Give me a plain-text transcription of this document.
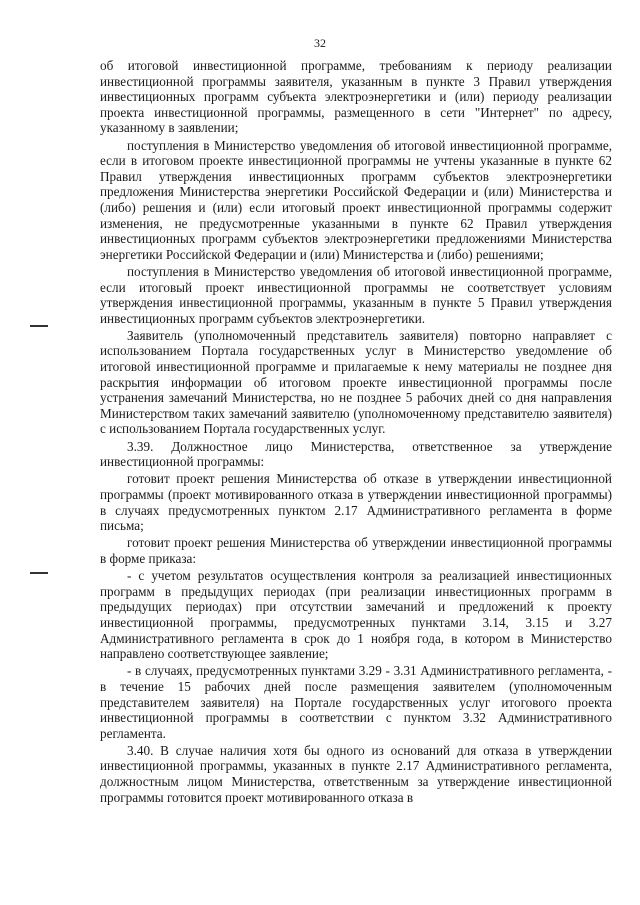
32

об итоговой инвестиционной программе, требованиям к периоду реализации инвестиционной программы заявителя, указанным в пункте 3 Правил утверждения инвестиционных программ субъекта электроэнергетики и (или) периоду реализации проекта инвестиционной программы, размещенного в сети "Интернет" по адресу, указанному в заявлении;

поступления в Министерство уведомления об итоговой инвестиционной программе, если в итоговом проекте инвестиционной программы не учтены указанные в пункте 62 Правил утверждения инвестиционных программ субъектов электроэнергетики предложения Министерства энергетики Российской Федерации и (или) Министерства и (либо) решения и (или) если итоговый проект инвестиционной программы содержит изменения, не предусмотренные указанными в пункте 62 Правил утверждения инвестиционных программ субъектов электроэнергетики предложениями Министерства энергетики Российской Федерации и (или) Министерства и (либо) решениями;

поступления в Министерство уведомления об итоговой инвестиционной программе, если итоговый проект инвестиционной программы не соответствует условиям утверждения инвестиционной программы, указанным в пункте 5 Правил утверждения инвестиционных программ субъектов электроэнергетики.

Заявитель (уполномоченный представитель заявителя) повторно направляет с использованием Портала государственных услуг в Министерство уведомление об итоговой инвестиционной программе и прилагаемые к нему материалы не позднее дня раскрытия информации об итоговом проекте инвестиционной программы после устранения замечаний Министерства, но не позднее 5 рабочих дней со дня направления Министерством таких замечаний заявителю (уполномоченному представителю заявителя) с использованием Портала государственных услуг.

3.39. Должностное лицо Министерства, ответственное за утверждение инвестиционной программы:

готовит проект решения Министерства об отказе в утверждении инвестиционной программы (проект мотивированного отказа в утверждении инвестиционной программы) в случаях предусмотренных пунктом 2.17 Административного регламента в форме письма;

готовит проект решения Министерства об утверждении инвестиционной программы в форме приказа:

- с учетом результатов осуществления контроля за реализацией инвестиционных программ в предыдущих периодах (при реализации инвестиционных программ в предыдущих периодах) при отсутствии замечаний и предложений к проекту инвестиционной программы, предусмотренных пунктами 3.14, 3.15 и 3.27 Административного регламента в срок до 1 ноября года, в котором в Министерство направлено соответствующее заявление;

- в случаях, предусмотренных пунктами 3.29 - 3.31 Административного регламента, - в течение 15 рабочих дней после размещения заявителем (уполномоченным представителем заявителя) на Портале государственных услуг итогового проекта инвестиционной программы в соответствии с пунктом 3.32 Административного регламента.

3.40. В случае наличия хотя бы одного из оснований для отказа в утверждении инвестиционной программы, указанных в пункте 2.17 Административного регламента, должностным лицом Министерства, ответственным за утверждение инвестиционной программы готовится проект мотивированного отказа в
